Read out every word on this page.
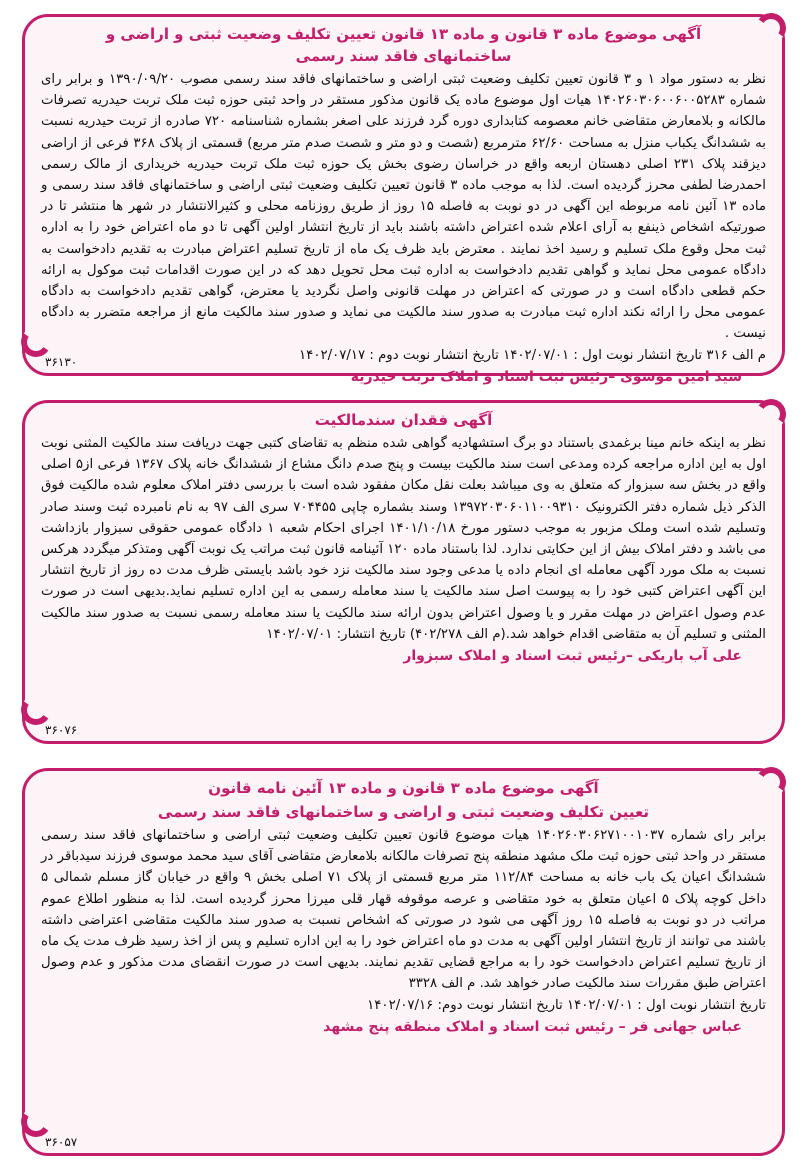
آگهی موضوع ماده ۳ قانون و ماده ۱۳ قانون تعیین تکلیف وضعیت ثبتی و اراضی و ساختمانهای فاقد سند رسمی
نظر به دستور مواد ۱ و ۳ قانون تعیین تکلیف وضعیت ثبتی اراضی و ساختمانهای فاقد سند رسمی مصوب ۱۳۹۰/۰۹/۲۰ و برابر رای شماره ۱۴۰۲۶۰۳۰۶۰۰۶۰۰۵۲۸۳ هیات اول موضوع ماده یک قانون مذکور مستقر در واحد ثبتی حوزه ثبت ملک تربت حیدریه تصرفات مالکانه و بلامعارض متقاضی خانم معصومه کتابداری دوره گرد فرزند علی اصغر بشماره شناسنامه ۷۲۰ صادره از تربت حیدریه نسبت به ششدانگ یکباب منزل به مساحت ۶۲/۶۰ مترمربع (شصت و دو متر و شصت صدم متر مربع) قسمتی از پلاک ۳۶۸ فرعی از اراضی دیزقند پلاک ۲۳۱ اصلی دهستان اربعه واقع در خراسان رضوی بخش یک حوزه ثبت ملک تربت حیدریه خریداری از مالک رسمی احمدرضا لطفی محرز گردیده است. لذا به موجب ماده ۳ قانون تعیین تکلیف وضعیت ثبتی اراضی و ساختمانهای فاقد سند رسمی و ماده ۱۳ آئین نامه مربوطه این آگهی در دو نوبت به فاصله ۱۵ روز از طریق روزنامه محلی و کثیرالانتشار در شهر ها منتشر تا در صورتیکه اشخاص ذینفع به آرای اعلام شده اعتراض داشته باشند باید از تاریخ انتشار اولین آگهی تا دو ماه اعتراض خود را به اداره ثبت محل وقوع ملک تسلیم و رسید اخذ نمایند . معترض باید ظرف یک ماه از تاریخ تسلیم اعتراض مبادرت به تقدیم دادخواست به دادگاه عمومی محل نماید و گواهی تقدیم دادخواست به اداره ثبت محل تحویل دهد که در این صورت اقدامات ثبت موکول به ارائه حکم قطعی دادگاه است و در صورتی که اعتراض در مهلت قانونی واصل نگردید یا معترض، گواهی تقدیم دادخواست به دادگاه عمومی محل را ارائه نکند اداره ثبت مبادرت به صدور سند مالکیت می نماید و صدور سند مالکیت مانع از مراجعه متضرر به دادگاه نیست .
م الف ۳۱۶ تاریخ انتشار نوبت اول : ۱۴۰۲/۰۷/۰۱ تاریخ انتشار نوبت دوم : ۱۴۰۲/۰۷/۱۷
سید امین موسوی –رئیس ثبت اسناد و املاک تربت حیدریه
۳۶۱۳۰
آگهی فقدان سندمالکیت
نظر به اینکه خانم مینا برغمدی باستناد دو برگ استشهادیه گواهی شده منظم به تقاضای کتبی جهت دریافت سند مالکیت المثنی نوبت اول به این اداره مراجعه کرده ومدعی است سند مالکیت بیست و پنج صدم دانگ مشاع از ششدانگ خانه پلاک ۱۳۶۷ فرعی از۵ اصلی واقع در بخش سه سبزوار که متعلق به وی میباشد بعلت نقل مکان مفقود شده است با بررسی دفتر املاک معلوم شده مالکیت فوق الذکر ذیل شماره دفتر الکترونیک ۱۳۹۷۲۰۳۰۶۰۱۱۰۰۹۳۱۰ وسند بشماره چاپی ۷۰۴۴۵۵ سری الف ۹۷ به نام نامبرده ثبت وسند صادر وتسلیم شده است وملک مزبور به موجب دستور مورخ ۱۴۰۱/۱۰/۱۸ اجرای احکام شعبه ۱ دادگاه عمومی حقوقی سبزوار بازداشت می باشد و دفتر املاک بیش از این حکایتی ندارد. لذا باستناد ماده ۱۲۰ آئینامه قانون ثبت مراتب یک نوبت آگهی ومتذکر میگردد هرکس نسبت به ملک مورد آگهی معامله ای انجام داده یا مدعی وجود سند مالکیت نزد خود باشد بایستی ظرف مدت ده روز از تاریخ انتشار این آگهی اعتراض کتبی خود را به پیوست اصل سند مالکیت یا سند معامله رسمی به این اداره تسلیم نماید.بدیهی است در صورت عدم وصول اعتراض در مهلت مقرر و یا وصول اعتراض بدون ارائه سند مالکیت یا سند معامله رسمی نسبت به صدور سند مالکیت المثنی و تسلیم آن به متقاضی اقدام خواهد شد.(م الف ۴۰۲/۲۷۸) تاریخ انتشار: ۱۴۰۲/۰۷/۰۱
علی آب باریکی –رئیس ثبت اسناد و املاک سبزوار
۳۶۰۷۶
آگهی موضوع ماده ۳ قانون و ماده ۱۳ آئین نامه قانون
تعیین تکلیف وضعیت ثبتی و اراضی و ساختمانهای فاقد سند رسمی
برابر رای شماره ۱۴۰۲۶۰۳۰۶۲۷۱۰۰۱۰۳۷ هیات موضوع قانون تعیین تکلیف وضعیت ثبتی اراضی و ساختمانهای فاقد سند رسمی مستقر در واحد ثبتی حوزه ثبت ملک مشهد منطقه پنج تصرفات مالکانه بلامعارض متقاضی آقای سید محمد موسوی فرزند سیدباقر در ششدانگ اعیان یک باب خانه به مساحت ۱۱۲/۸۴ متر مربع قسمتی از پلاک ۷۱ اصلی بخش ۹ واقع در خیابان گاز مسلم شمالی ۵ داخل کوچه پلاک ۵ اعیان متعلق به خود متقاضی و عرصه موقوفه قهار قلی میرزا محرز گردیده است. لذا به منظور اطلاع عموم مراتب در دو نوبت به فاصله ۱۵ روز آگهی می شود در صورتی که اشخاص نسبت به صدور سند مالکیت متقاضی اعتراضی داشته باشند می توانند از تاریخ انتشار اولین آگهی به مدت دو ماه اعتراض خود را به این اداره تسلیم و پس از اخذ رسید ظرف مدت یک ماه از تاریخ تسلیم اعتراض دادخواست خود را به مراجع قضایی تقدیم نمایند. بدیهی است در صورت انقضای مدت مذکور و عدم وصول اعتراض طبق مقررات سند مالکیت صادر خواهد شد. م الف ۳۳۲۸
تاریخ انتشار نوبت اول : ۱۴۰۲/۰۷/۰۱ تاریخ انتشار نوبت دوم: ۱۴۰۲/۰۷/۱۶
عباس جهانی فر – رئیس ثبت اسناد و املاک منطقه پنج مشهد
۳۶۰۵۷
